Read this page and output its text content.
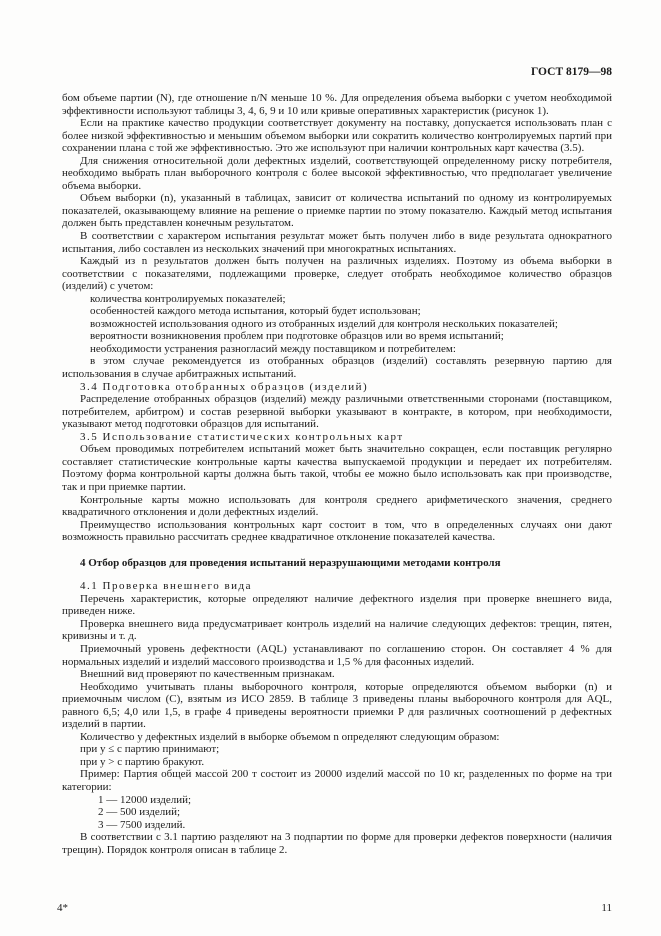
ГОСТ 8179—98

бом объеме партии (N), где отношение n/N меньше 10 %. Для определения объема выборки с учетом необходимой эффективности используют таблицы 3, 4, 6, 9 и 10 или кривые оперативных характеристик (рисунок 1).

Если на практике качество продукции соответствует документу на поставку, допускается использовать план с более низкой эффективностью и меньшим объемом выборки или сократить количество контролируемых партий при сохранении плана с той же эффективностью. Это же используют при наличии контрольных карт качества (3.5).

Для снижения относительной доли дефектных изделий, соответствующей определенному риску потребителя, необходимо выбрать план выборочного контроля с более высокой эффективностью, что предполагает увеличение объема выборки.

Объем выборки (n), указанный в таблицах, зависит от количества испытаний по одному из контролируемых показателей, оказывающему влияние на решение о приемке партии по этому показателю. Каждый метод испытания должен быть представлен конечным результатом.

В соответствии с характером испытания результат может быть получен либо в виде результата однократного испытания, либо составлен из нескольких значений при многократных испытаниях.

Каждый из n результатов должен быть получен на различных изделиях. Поэтому из объема выборки в соответствии с показателями, подлежащими проверке, следует отобрать необходимое количество образцов (изделий) с учетом:

количества контролируемых показателей;

особенностей каждого метода испытания, который будет использован;

возможностей использования одного из отобранных изделий для контроля нескольких показателей;

вероятности возникновения проблем при подготовке образцов или во время испытаний;

необходимости устранения разногласий между поставщиком и потребителем:

в этом случае рекомендуется из отобранных образцов (изделий) составлять резервную партию для использования в случае арбитражных испытаний.

3.4 Подготовка отобранных образцов (изделий)

Распределение отобранных образцов (изделий) между различными ответственными сторонами (поставщиком, потребителем, арбитром) и состав резервной выборки указывают в контракте, в котором, при необходимости, указывают метод подготовки образцов для испытаний.

3.5 Использование статистических контрольных карт

Объем проводимых потребителем испытаний может быть значительно сокращен, если поставщик регулярно составляет статистические контрольные карты качества выпускаемой продукции и передает их потребителям. Поэтому форма контрольной карты должна быть такой, чтобы ее можно было использовать как при производстве, так и при приемке партии.

Контрольные карты можно использовать для контроля среднего арифметического значения, среднего квадратичного отклонения и доли дефектных изделий.

Преимущество использования контрольных карт состоит в том, что в определенных случаях они дают возможность правильно рассчитать среднее квадратичное отклонение показателей качества.

4 Отбор образцов для проведения испытаний неразрушающими методами контроля

4.1 Проверка внешнего вида

Перечень характеристик, которые определяют наличие дефектного изделия при проверке внешнего вида, приведен ниже.

Проверка внешнего вида предусматривает контроль изделий на наличие следующих дефектов: трещин, пятен, кривизны и т. д.

Приемочный уровень дефектности (AQL) устанавливают по соглашению сторон. Он составляет 4 % для нормальных изделий и изделий массового производства и 1,5 % для фасонных изделий.

Внешний вид проверяют по качественным признакам.

Необходимо учитывать планы выборочного контроля, которые определяются объемом выборки (n) и приемочным числом (C), взятым из ИСО 2859. В таблице 3 приведены планы выборочного контроля для AQL, равного 6,5; 4,0 или 1,5, в графе 4 приведены вероятности приемки P для различных соотношений p дефектных изделий в партии.

Количество y дефектных изделий в выборке объемом n определяют следующим образом:

при y ≤ c партию принимают;

при y > c партию бракуют.

Пример: Партия общей массой 200 т состоит из 20000 изделий массой по 10 кг, разделенных по форме на три категории:

1 — 12000 изделий;

2 — 500 изделий;

3 — 7500 изделий.

В соответствии с 3.1 партию разделяют на 3 подпартии по форме для проверки дефектов поверхности (наличия трещин). Порядок контроля описан в таблице 2.

4*	11
